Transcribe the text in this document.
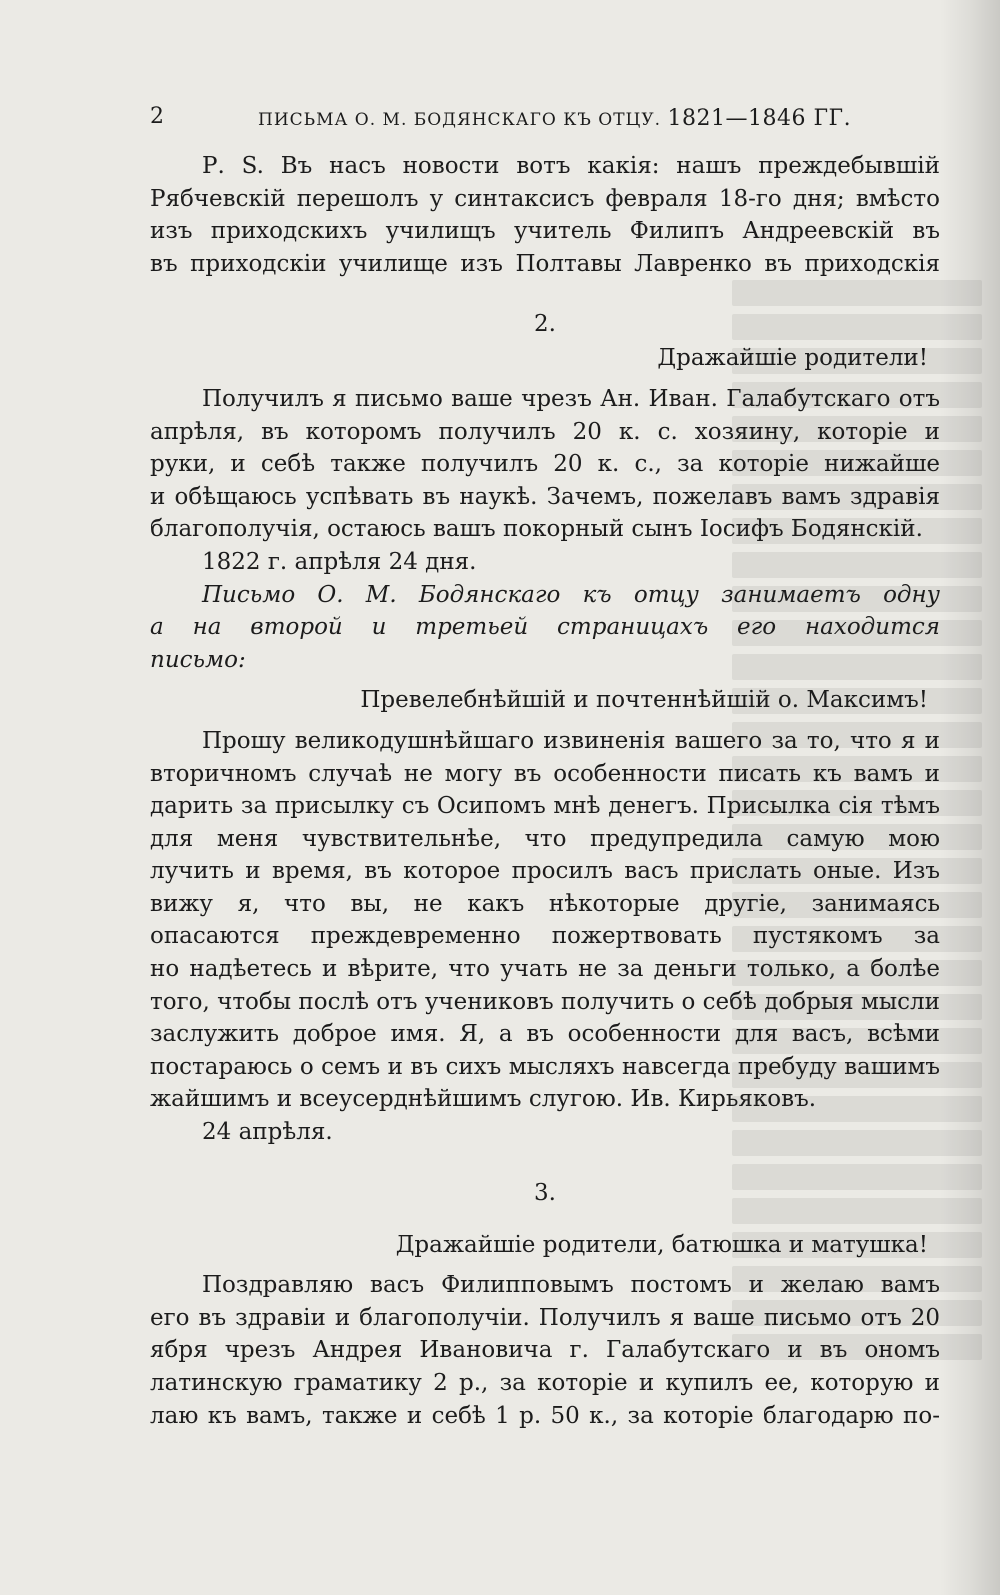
2	ПИСЬМА О. М. БОДЯНСКАГО КЪ ОТЦУ. 1821—1846 ГГ.
Р. S. Въ насъ новости вотъ какія: нашъ преждебывшій
Рябчевскій перешолъ у синтаксисъ февраля 18-го дня; вмѣсто
изъ приходскихъ училищъ учитель Филипъ Андреевскій въ
въ приходскіи училище изъ Полтавы Лавренко въ приходскія
2.
Дражайшіе родители!
Получилъ я письмо ваше чрезъ Ан. Иван. Галабутскаго отъ
апрѣля, въ которомъ получилъ 20 к. с. хозяину, которіе и
руки, и себѣ также получилъ 20 к. с., за которіе нижайше
и обѣщаюсь успѣвать въ наукѣ. Зачемъ, пожелавъ вамъ здравія
благополучія, остаюсь вашъ покорный сынъ Іосифъ Бодянскій.
1822 г. апрѣля 24 дня.
Письмо О. М. Бодянскаго къ отцу занимаетъ одну
а на второй и третьей страницахъ его находится
письмо:
Превелебнѣйшій и почтеннѣйшій о. Максимъ!
Прошу великодушнѣйшаго извиненія вашего за то, что я и
вторичномъ случаѣ не могу въ особенности писать къ вамъ и
дарить за присылку съ Осипомъ мнѣ денегъ. Присылка сія тѣмъ
для меня чувствительнѣе, что предупредила самую мою
лучить и время, въ которое просилъ васъ прислать оные. Изъ
вижу я, что вы, не какъ нѣкоторые другіе, занимаясь
опасаются преждевременно пожертвовать пустякомъ за
но надѣетесь и вѣрите, что учать не за деньги только, а болѣе
того, чтобы послѣ отъ учениковъ получить о себѣ добрыя мысли
заслужить доброе имя. Я, а въ особенности для васъ, всѣми
постараюсь о семъ и въ сихъ мысляхъ навсегда пребуду вашимъ
жайшимъ и всеусерднѣйшимъ слугою. Ив. Кирьяковъ.
24 апрѣля.
3.
Дражайшіе родители, батюшка и матушка!
Поздравляю васъ Филипповымъ постомъ и желаю вамъ
его въ здравіи и благополучіи. Получилъ я ваше письмо отъ 20
ября чрезъ Андрея Ивановича г. Галабутскаго и въ ономъ
латинскую граматику 2 р., за которіе и купилъ ее, которую и
лаю къ вамъ, также и себѣ 1 р. 50 к., за которіе благодарю по-
